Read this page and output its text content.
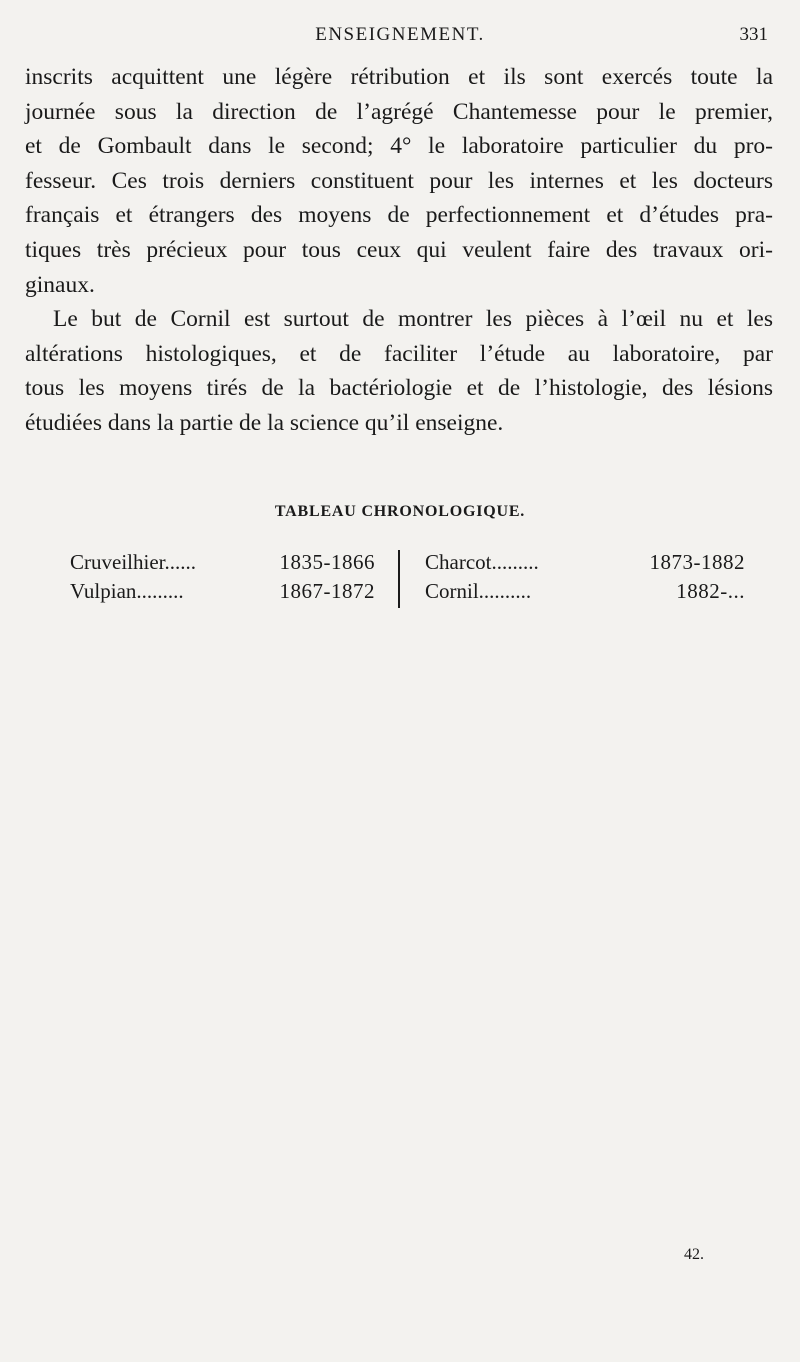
ENSEIGNEMENT.	331

inscrits acquittent une légère rétribution et ils sont exercés toute la
journée sous la direction de l’agrégé Chantemesse pour le premier,
et de Gombault dans le second; 4° le laboratoire particulier du pro-
fesseur. Ces trois derniers constituent pour les internes et les docteurs
français et étrangers des moyens de perfectionnement et d’études pra-
tiques très précieux pour tous ceux qui veulent faire des travaux ori-
ginaux.

Le but de Cornil est surtout de montrer les pièces à l’œil nu et les
altérations histologiques, et de faciliter l’étude au laboratoire, par
tous les moyens tirés de la bactériologie et de l’histologie, des lésions
étudiées dans la partie de la science qu’il enseigne.

TABLEAU CHRONOLOGIQUE.
Cruveilhier......	1835-1866
Vulpian.........	1867-1872
Charcot.........	1873-1882
Cornil..........	1882-...
42.
